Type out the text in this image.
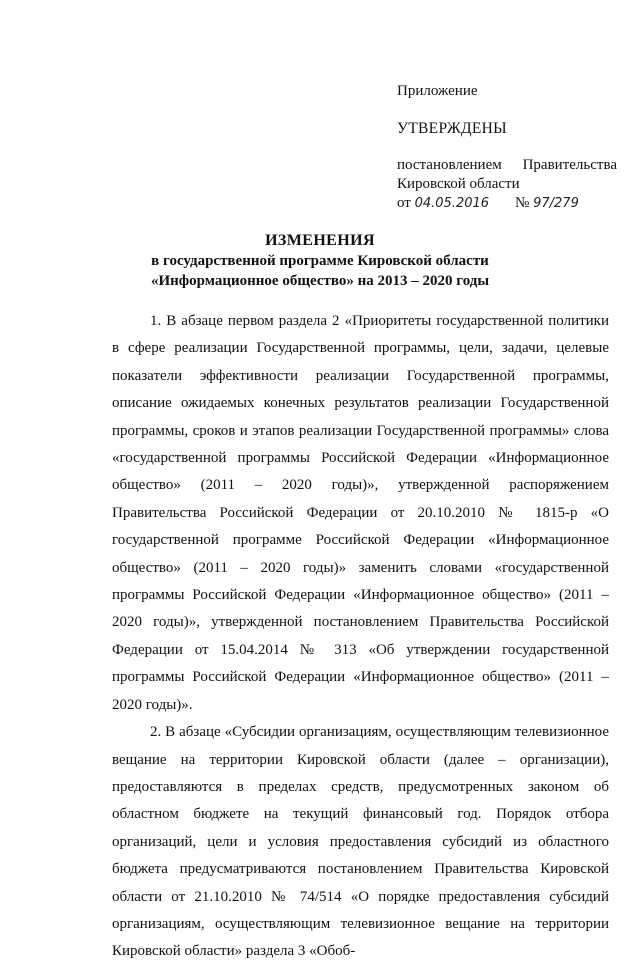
Приложение
УТВЕРЖДЕНЫ
постановлением Правительства
Кировской области
от
04.05.2016 №
97/279
ИЗМЕНЕНИЯ
в государственной программе Кировской области
«Информационное общество» на 2013 – 2020 годы

1. В абзаце первом раздела 2 «Приоритеты государственной политики в сфере реализации Государственной программы, цели, задачи, целевые показатели эффективности реализации Государственной программы, описание ожидаемых конечных результатов реализации Государственной программы, сроков и этапов реализации Государственной программы» слова «государственной программы Российской Федерации «Информационное общество» (2011 – 2020 годы)», утвержденной распоряжением Правительства Российской Федерации от 20.10.2010 № 1815-р «О государственной программе Российской Федерации «Информационное общество» (2011 – 2020 годы)» заменить словами «государственной программы Российской Федерации «Информационное общество» (2011 – 2020 годы)», утвержденной постановлением Правительства Российской Федерации от 15.04.2014 № 313 «Об утверждении государственной программы Российской Федерации «Информационное общество» (2011 – 2020 годы)».

2. В абзаце «Субсидии организациям, осуществляющим телевизионное вещание на территории Кировской области (далее – организации), предоставляются в пределах средств, предусмотренных законом об областном бюджете на текущий финансовый год. Порядок отбора организаций, цели и условия предоставления субсидий из областного бюджета предусматриваются постановлением Правительства Кировской области от 21.10.2010 № 74/514 «О порядке предоставления субсидий организациям, осуществляющим телевизионное вещание на территории Кировской области» раздела 3 «Обоб-
